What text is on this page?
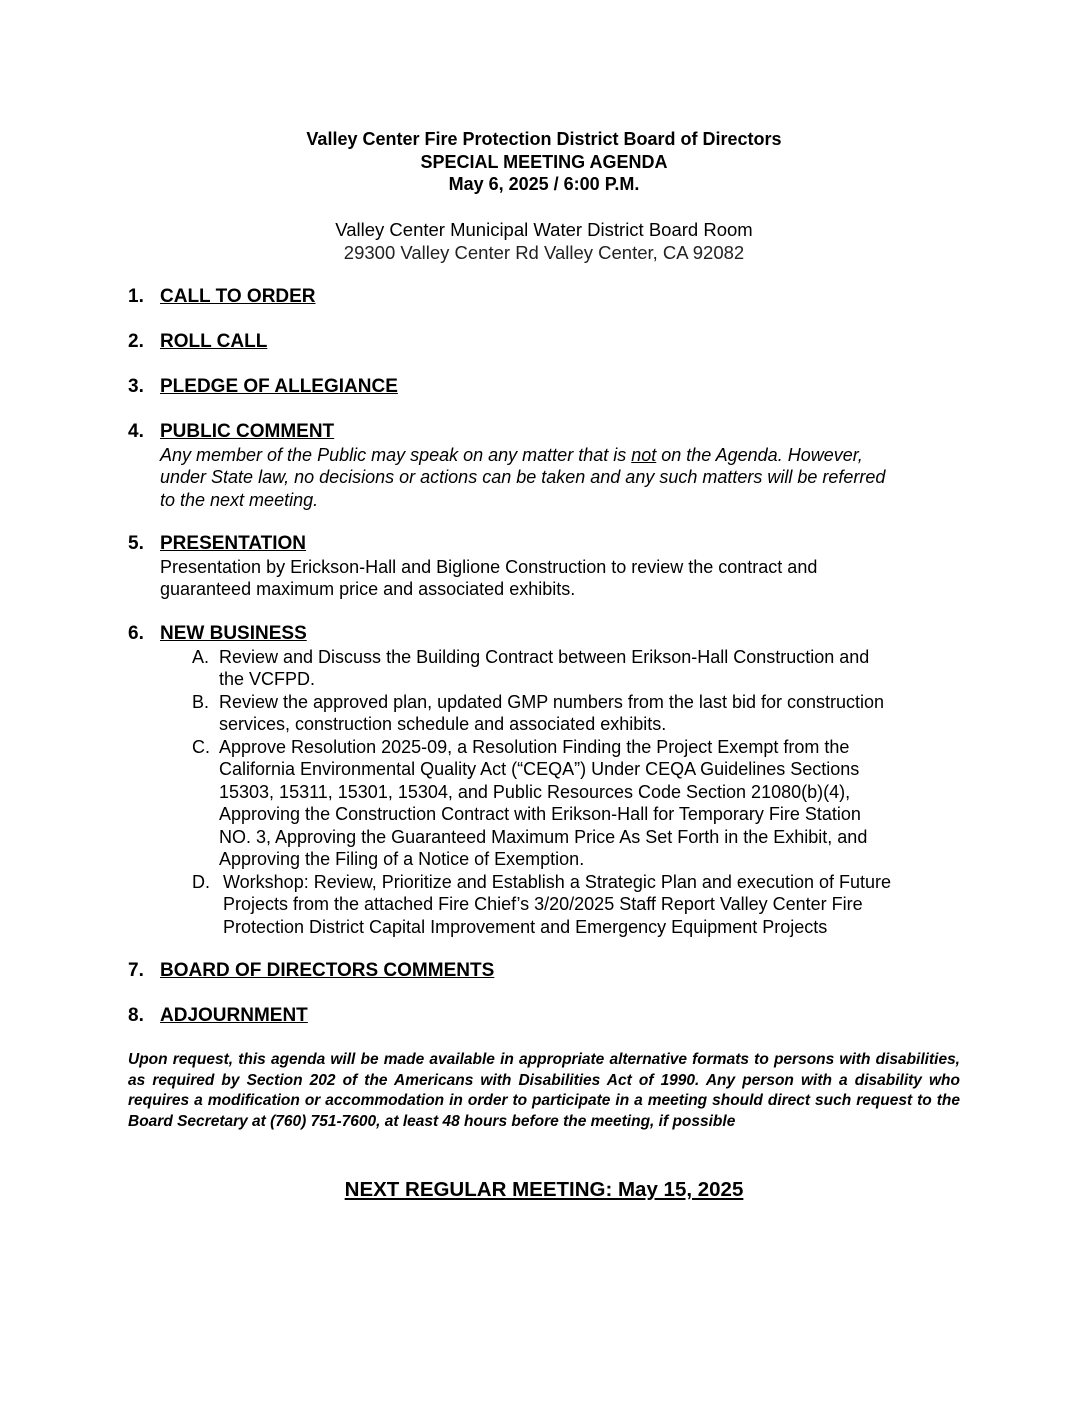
Valley Center Fire Protection District Board of Directors
SPECIAL MEETING AGENDA
May 6, 2025 / 6:00 P.M.
Valley Center Municipal Water District Board Room
29300 Valley Center Rd Valley Center, CA 92082
1. CALL TO ORDER
2. ROLL CALL
3. PLEDGE OF ALLEGIANCE
4. PUBLIC COMMENT
Any member of the Public may speak on any matter that is not on the Agenda. However,
under State law, no decisions or actions can be taken and any such matters will be referred
to the next meeting.
5. PRESENTATION
Presentation by Erickson-Hall and Biglione Construction to review the contract and
guaranteed maximum price and associated exhibits.
6. NEW BUSINESS
A. Review and Discuss the Building Contract between Erikson-Hall Construction and
the VCFPD.
B. Review the approved plan, updated GMP numbers from the last bid for construction
services, construction schedule and associated exhibits.
C. Approve Resolution 2025-09, a Resolution Finding the Project Exempt from the
California Environmental Quality Act (“CEQA”) Under CEQA Guidelines Sections
15303, 15311, 15301, 15304, and Public Resources Code Section 21080(b)(4),
Approving the Construction Contract with Erikson-Hall for Temporary Fire Station
NO. 3, Approving the Guaranteed Maximum Price As Set Forth in the Exhibit, and
Approving the Filing of a Notice of Exemption.
D. Workshop: Review, Prioritize and Establish a Strategic Plan and execution of Future
Projects from the attached Fire Chief’s 3/20/2025 Staff Report Valley Center Fire
Protection District Capital Improvement and Emergency Equipment Projects
7. BOARD OF DIRECTORS COMMENTS
8. ADJOURNMENT
Upon request, this agenda will be made available in appropriate alternative formats to persons with disabilities, as required by Section 202 of the Americans with Disabilities Act of 1990. Any person with a disability who requires a modification or accommodation in order to participate in a meeting should direct such request to the Board Secretary at (760) 751-7600, at least 48 hours before the meeting, if possible
NEXT REGULAR MEETING: May 15, 2025
